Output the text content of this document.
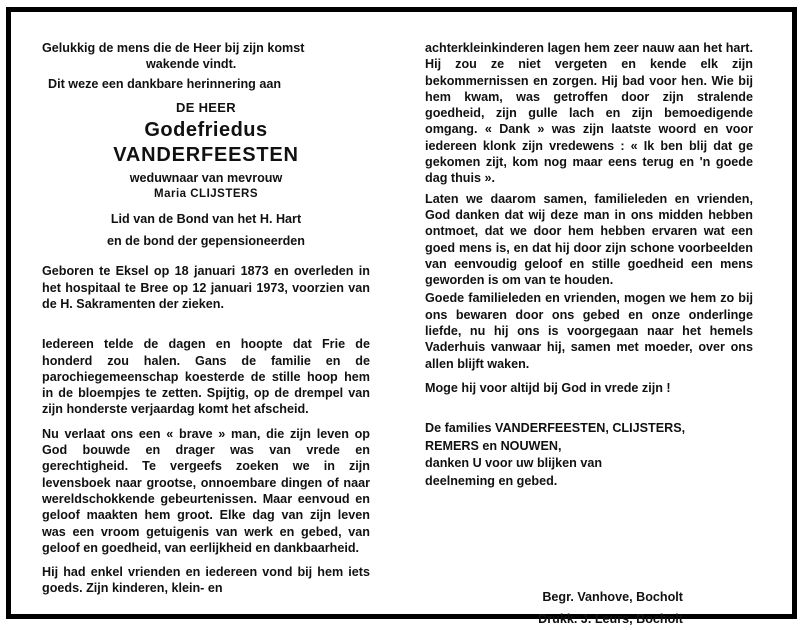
Gelukkig de mens die de Heer bij zijn komst
wakende vindt.
Dit weze een dankbare herinnering aan
DE HEER
Godefriedus
VANDERFEESTEN
weduwnaar van mevrouw
Maria CLIJSTERS
Lid van de Bond van het H. Hart
en de bond der gepensioneerden

Geboren te Eksel op 18 januari 1873 en overleden in het hospitaal te Bree op 12 januari 1973, voorzien van de H. Sakramenten der zieken.

Iedereen telde de dagen en hoopte dat Frie de honderd zou halen. Gans de familie en de parochiegemeenschap koesterde de stille hoop hem in de bloempjes te zetten. Spijtig, op de drempel van zijn honderste verjaardag komt het afscheid.

Nu verlaat ons een « brave » man, die zijn leven op God bouwde en drager was van vrede en gerechtigheid. Te vergeefs zoeken we in zijn levensboek naar grootse, onnoembare dingen of naar wereldschokkende gebeurtenissen. Maar eenvoud en geloof maakten hem groot. Elke dag van zijn leven was een vroom getuigenis van werk en gebed, van geloof en goedheid, van eerlijkheid en dankbaarheid.

Hij had enkel vrienden en iedereen vond bij hem iets goeds. Zijn kinderen, klein- en

achterkleinkinderen lagen hem zeer nauw aan het hart. Hij zou ze niet vergeten en kende elk zijn bekommernissen en zorgen. Hij bad voor hen. Wie bij hem kwam, was getroffen door zijn stralende goedheid, zijn gulle lach en zijn bemoedigende omgang. « Dank » was zijn laatste woord en voor iedereen klonk zijn vredewens : « Ik ben blij dat ge gekomen zijt, kom nog maar eens terug en 'n goede dag thuis ».

Laten we daarom samen, familieleden en vrienden, God danken dat wij deze man in ons midden hebben ontmoet, dat we door hem hebben ervaren wat een goed mens is, en dat hij door zijn schone voorbeelden van eenvoudig geloof en stille goedheid een mens geworden is om van te houden.

Goede familieleden en vrienden, mogen we hem zo bij ons bewaren door ons gebed en onze onderlinge liefde, nu hij ons is voorgegaan naar het hemels Vaderhuis vanwaar hij, samen met moeder, over ons allen blijft waken.

Moge hij voor altijd bij God in vrede zijn !

De families VANDERFEESTEN, CLIJSTERS,
REMERS en NOUWEN,
danken U voor uw blijken van
deelneming en gebed.
Begr. Vanhove, Bocholt
Drukk. J. Leurs, Bocholt
